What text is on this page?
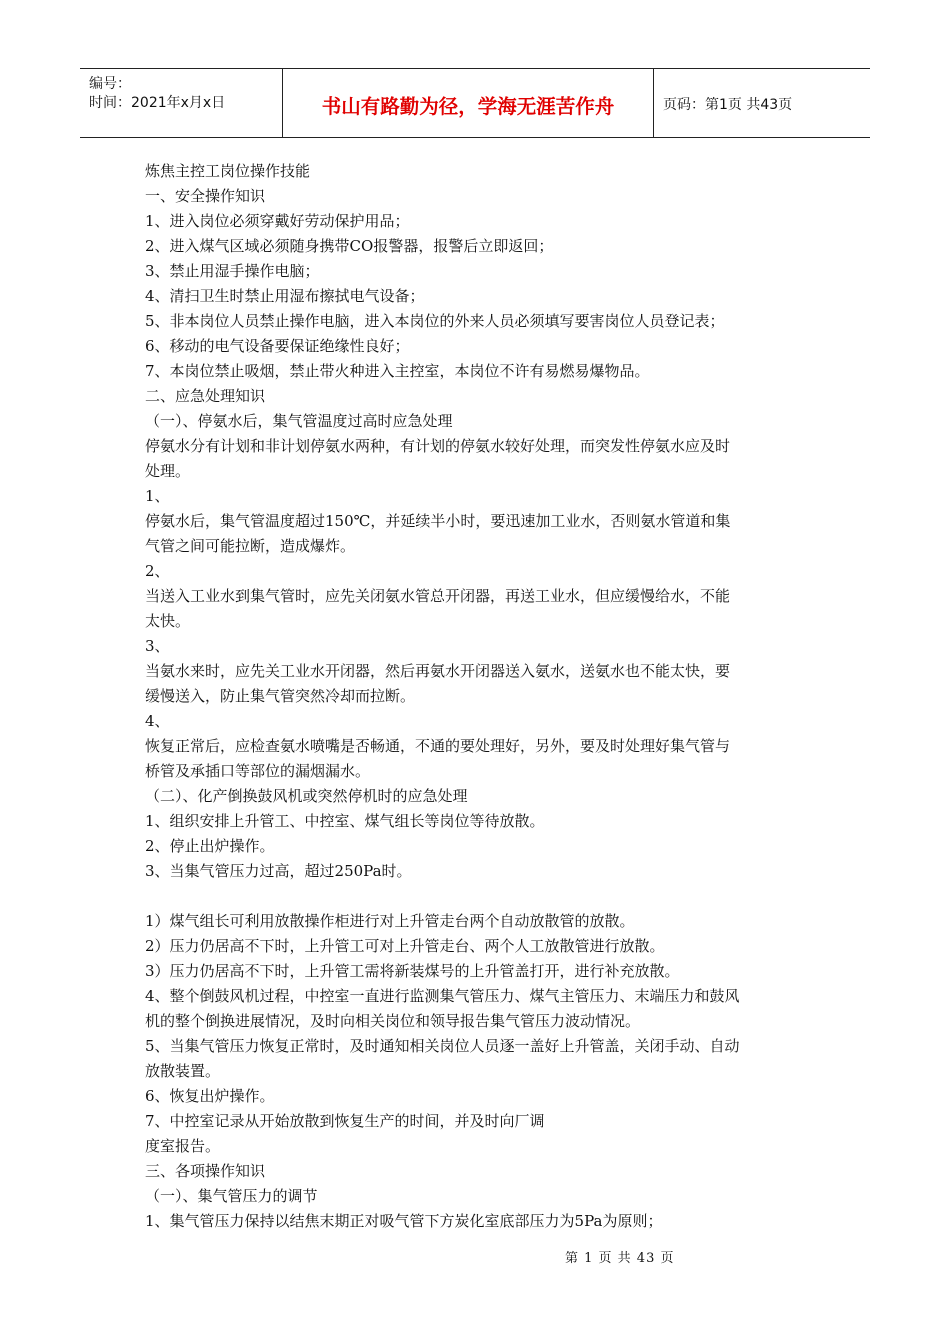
编号：
时间：2021年x月x日	书山有路勤为径，学海无涯苦作舟	页码：第1页 共43页
炼焦主控工岗位操作技能
一、安全操作知识
1、进入岗位必须穿戴好劳动保护用品；
2、进入煤气区域必须随身携带CO报警器，报警后立即返回；
3、禁止用湿手操作电脑；
4、清扫卫生时禁止用湿布擦拭电气设备；
5、非本岗位人员禁止操作电脑，进入本岗位的外来人员必须填写要害岗位人员登记表；
6、移动的电气设备要保证绝缘性良好；
7、本岗位禁止吸烟，禁止带火种进入主控室，本岗位不许有易燃易爆物品。
二、应急处理知识
（一）、停氨水后，集气管温度过高时应急处理
停氨水分有计划和非计划停氨水两种，有计划的停氨水较好处理，而突发性停氨水应及时
处理。
1、
停氨水后，集气管温度超过150℃，并延续半小时，要迅速加工业水，否则氨水管道和集
气管之间可能拉断，造成爆炸。
2、
当送入工业水到集气管时，应先关闭氨水管总开闭器，再送工业水，但应缓慢给水，不能
太快。
3、
当氨水来时，应先关工业水开闭器，然后再氨水开闭器送入氨水，送氨水也不能太快，要
缓慢送入，防止集气管突然冷却而拉断。
4、
恢复正常后，应检查氨水喷嘴是否畅通，不通的要处理好，另外，要及时处理好集气管与
桥管及承插口等部位的漏烟漏水。
（二）、化产倒换鼓风机或突然停机时的应急处理
1、组织安排上升管工、中控室、煤气组长等岗位等待放散。
2、停止出炉操作。
3、当集气管压力过高，超过250Pa时。
1）煤气组长可利用放散操作柜进行对上升管走台两个自动放散管的放散。
2）压力仍居高不下时，上升管工可对上升管走台、两个人工放散管进行放散。
3）压力仍居高不下时，上升管工需将新装煤号的上升管盖打开，进行补充放散。
4、整个倒鼓风机过程，中控室一直进行监测集气管压力、煤气主管压力、末端压力和鼓风
机的整个倒换进展情况，及时向相关岗位和领导报告集气管压力波动情况。
5、当集气管压力恢复正常时，及时通知相关岗位人员逐一盖好上升管盖，关闭手动、自动
放散装置。
6、恢复出炉操作。
7、中控室记录从开始放散到恢复生产的时间，并及时向厂调
度室报告。
三、各项操作知识
（一）、集气管压力的调节
1、集气管压力保持以结焦末期正对吸气管下方炭化室底部压力为5Pa为原则；
第 1 页 共 43 页
